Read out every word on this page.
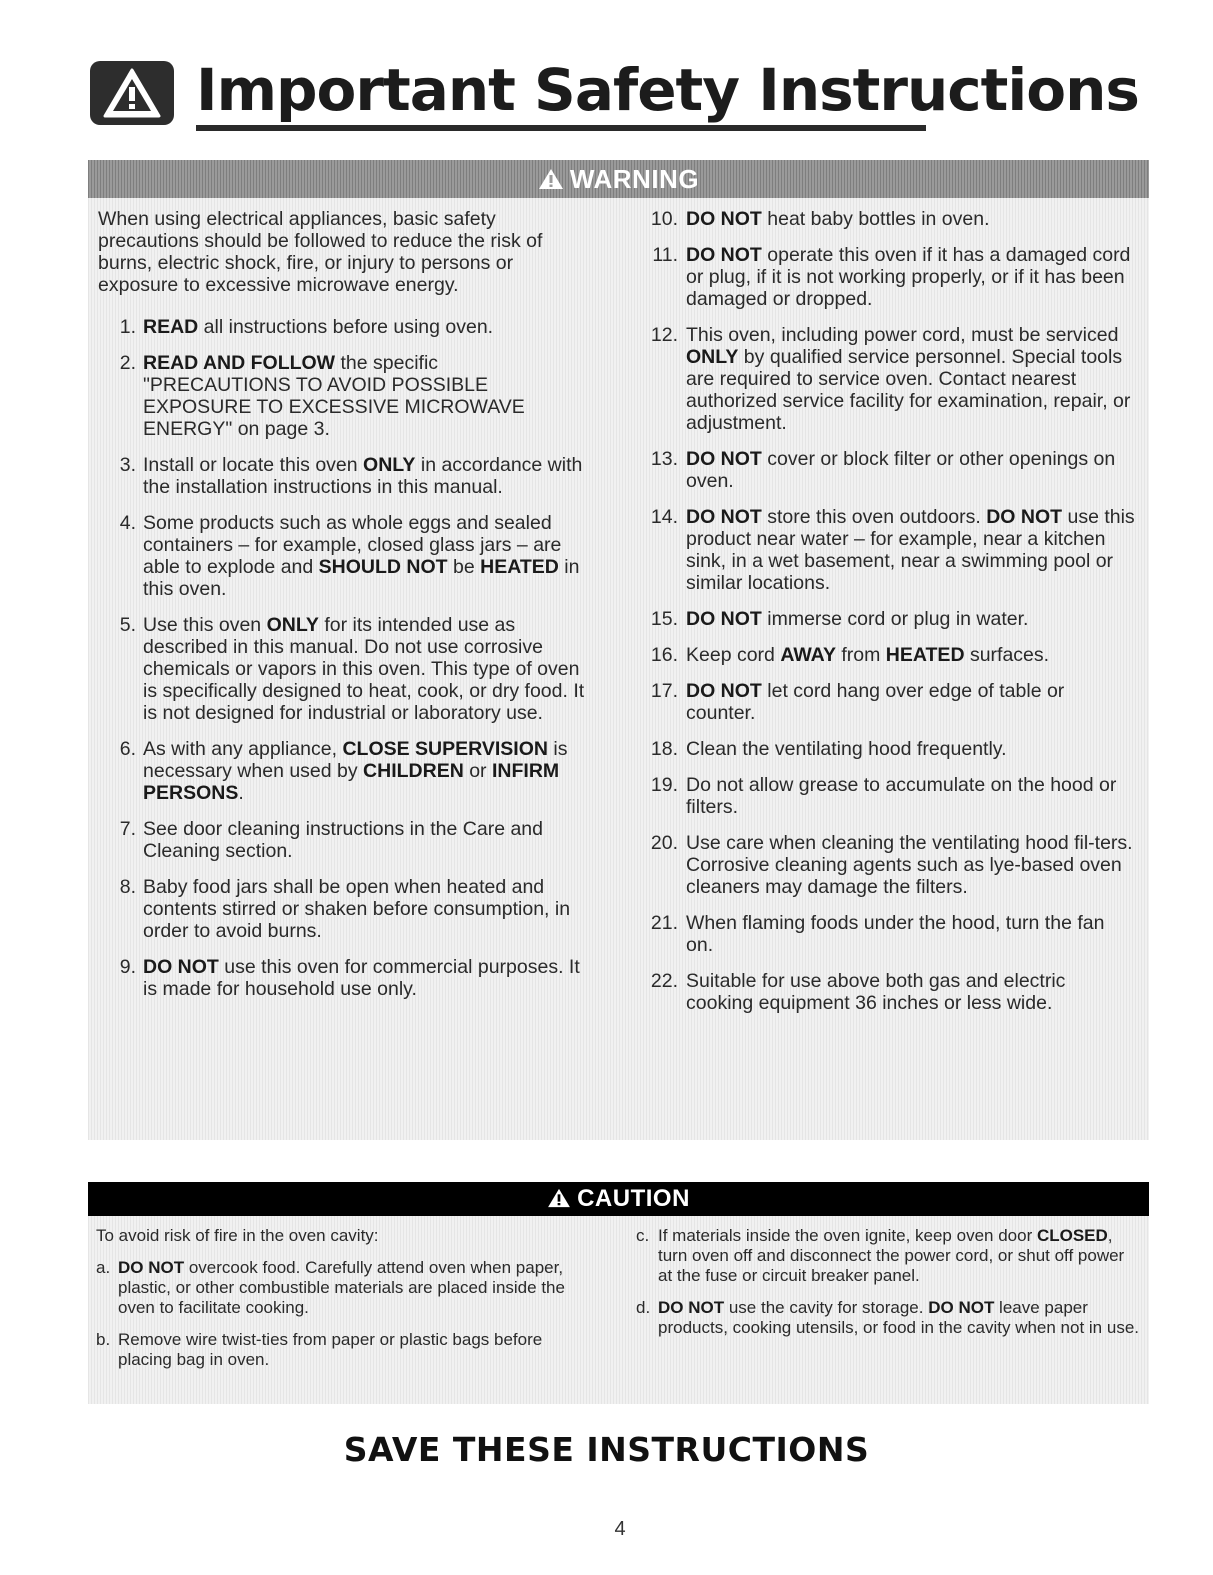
Important Safety Instructions
WARNING

When using electrical appliances, basic safety precautions should be followed to reduce the risk of burns, electric shock, fire, or injury to persons or exposure to excessive microwave energy.

1. READ all instructions before using oven.
2. READ AND FOLLOW the specific "PRECAUTIONS TO AVOID POSSIBLE EXPOSURE TO EXCESSIVE MICROWAVE ENERGY" on page 3.
3. Install or locate this oven ONLY in accordance with the installation instructions in this manual.
4. Some products such as whole eggs and sealed containers – for example, closed glass jars – are able to explode and SHOULD NOT be HEATED in this oven.
5. Use this oven ONLY for its intended use as described in this manual. Do not use corrosive chemicals or vapors in this oven. This type of oven is specifically designed to heat, cook, or dry food. It is not designed for industrial or laboratory use.
6. As with any appliance, CLOSE SUPERVISION is necessary when used by CHILDREN or INFIRM PERSONS.
7. See door cleaning instructions in the Care and Cleaning section.
8. Baby food jars shall be open when heated and contents stirred or shaken before consumption, in order to avoid burns.
9. DO NOT use this oven for commercial purposes. It is made for household use only.
10. DO NOT heat baby bottles in oven.
11. DO NOT operate this oven if it has a damaged cord or plug, if it is not working properly, or if it has been damaged or dropped.
12. This oven, including power cord, must be serviced ONLY by qualified service personnel. Special tools are required to service oven. Contact nearest authorized service facility for examination, repair, or adjustment.
13. DO NOT cover or block filter or other openings on oven.
14. DO NOT store this oven outdoors. DO NOT use this product near water – for example, near a kitchen sink, in a wet basement, near a swimming pool or similar locations.
15. DO NOT immerse cord or plug in water.
16. Keep cord AWAY from HEATED surfaces.
17. DO NOT let cord hang over edge of table or counter.
18. Clean the ventilating hood frequently.
19. Do not allow grease to accumulate on the hood or filters.
20. Use care when cleaning the ventilating hood fil-ters. Corrosive cleaning agents such as lye-based oven cleaners may damage the filters.
21. When flaming foods under the hood, turn the fan on.
22. Suitable for use above both gas and electric cooking equipment 36 inches or less wide.
CAUTION

To avoid risk of fire in the oven cavity:

a. DO NOT overcook food. Carefully attend oven when paper, plastic, or other combustible materials are placed inside the oven to facilitate cooking.
b. Remove wire twist-ties from paper or plastic bags before placing bag in oven.
c. If materials inside the oven ignite, keep oven door CLOSED, turn oven off and disconnect the power cord, or shut off power at the fuse or circuit breaker panel.
d. DO NOT use the cavity for storage. DO NOT leave paper products, cooking utensils, or food in the cavity when not in use.
SAVE THESE INSTRUCTIONS
4
